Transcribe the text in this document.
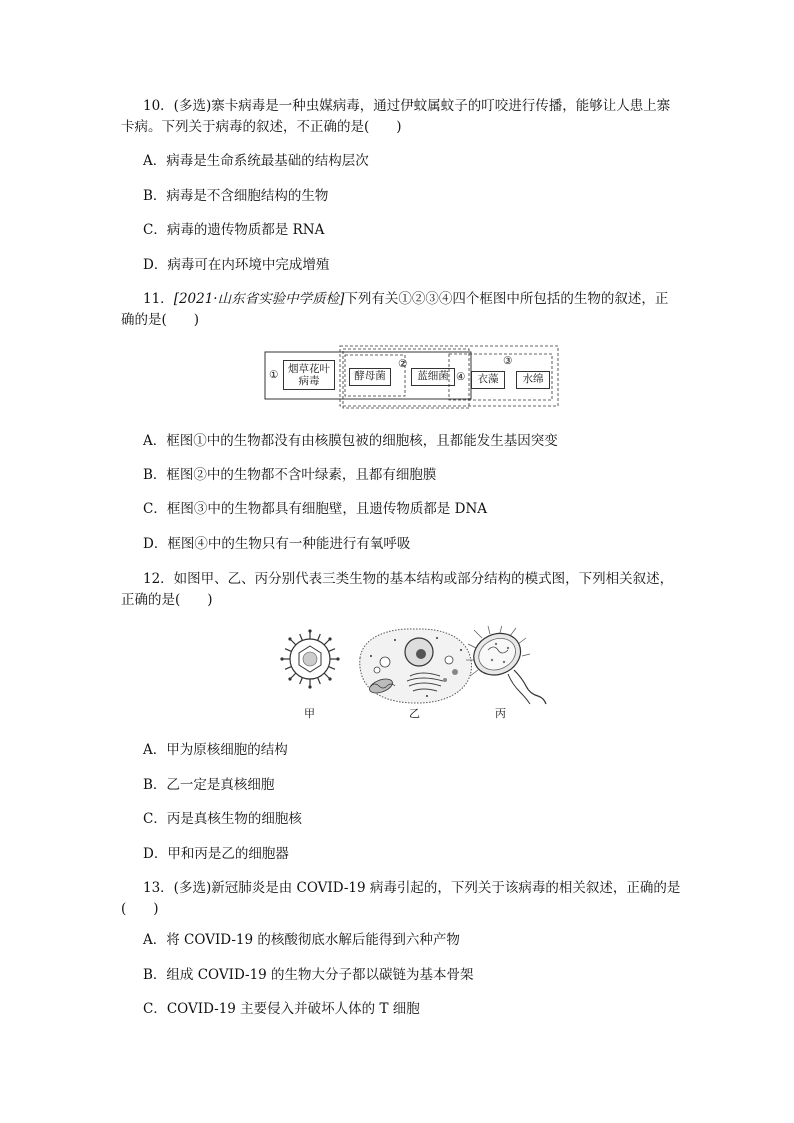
10．(多选)寨卡病毒是一种虫媒病毒，通过伊蚊属蚊子的叮咬进行传播，能够让人患上寨
卡病。下列关于病毒的叙述，不正确的是(　　)
A．病毒是生命系统最基础的结构层次
B．病毒是不含细胞结构的生物
C．病毒的遗传物质都是 RNA
D．病毒可在内环境中完成增殖
11．[2021·山东省实验中学质检]下列有关①②③④四个框图中所包括的生物的叙述，正
确的是(　　)
① 烟草花叶病毒	酵母菌
②
蓝细菌 ④
③
衣藻	水绵
A．框图①中的生物都没有由核膜包被的细胞核，且都能发生基因突变
B．框图②中的生物都不含叶绿素，且都有细胞膜
C．框图③中的生物都具有细胞壁，且遗传物质都是 DNA
D．框图④中的生物只有一种能进行有氧呼吸
12．如图甲、乙、丙分别代表三类生物的基本结构或部分结构的模式图，下列相关叙述，
正确的是(　　)
甲	乙	丙
A．甲为原核细胞的结构
B．乙一定是真核细胞
C．丙是真核生物的细胞核
D．甲和丙是乙的细胞器
13．(多选)新冠肺炎是由 COVID-19 病毒引起的，下列关于该病毒的相关叙述，正确的是
(　　)
A．将 COVID-19 的核酸彻底水解后能得到六种产物
B．组成 COVID-19 的生物大分子都以碳链为基本骨架
C．COVID-19 主要侵入并破坏人体的 T 细胞
